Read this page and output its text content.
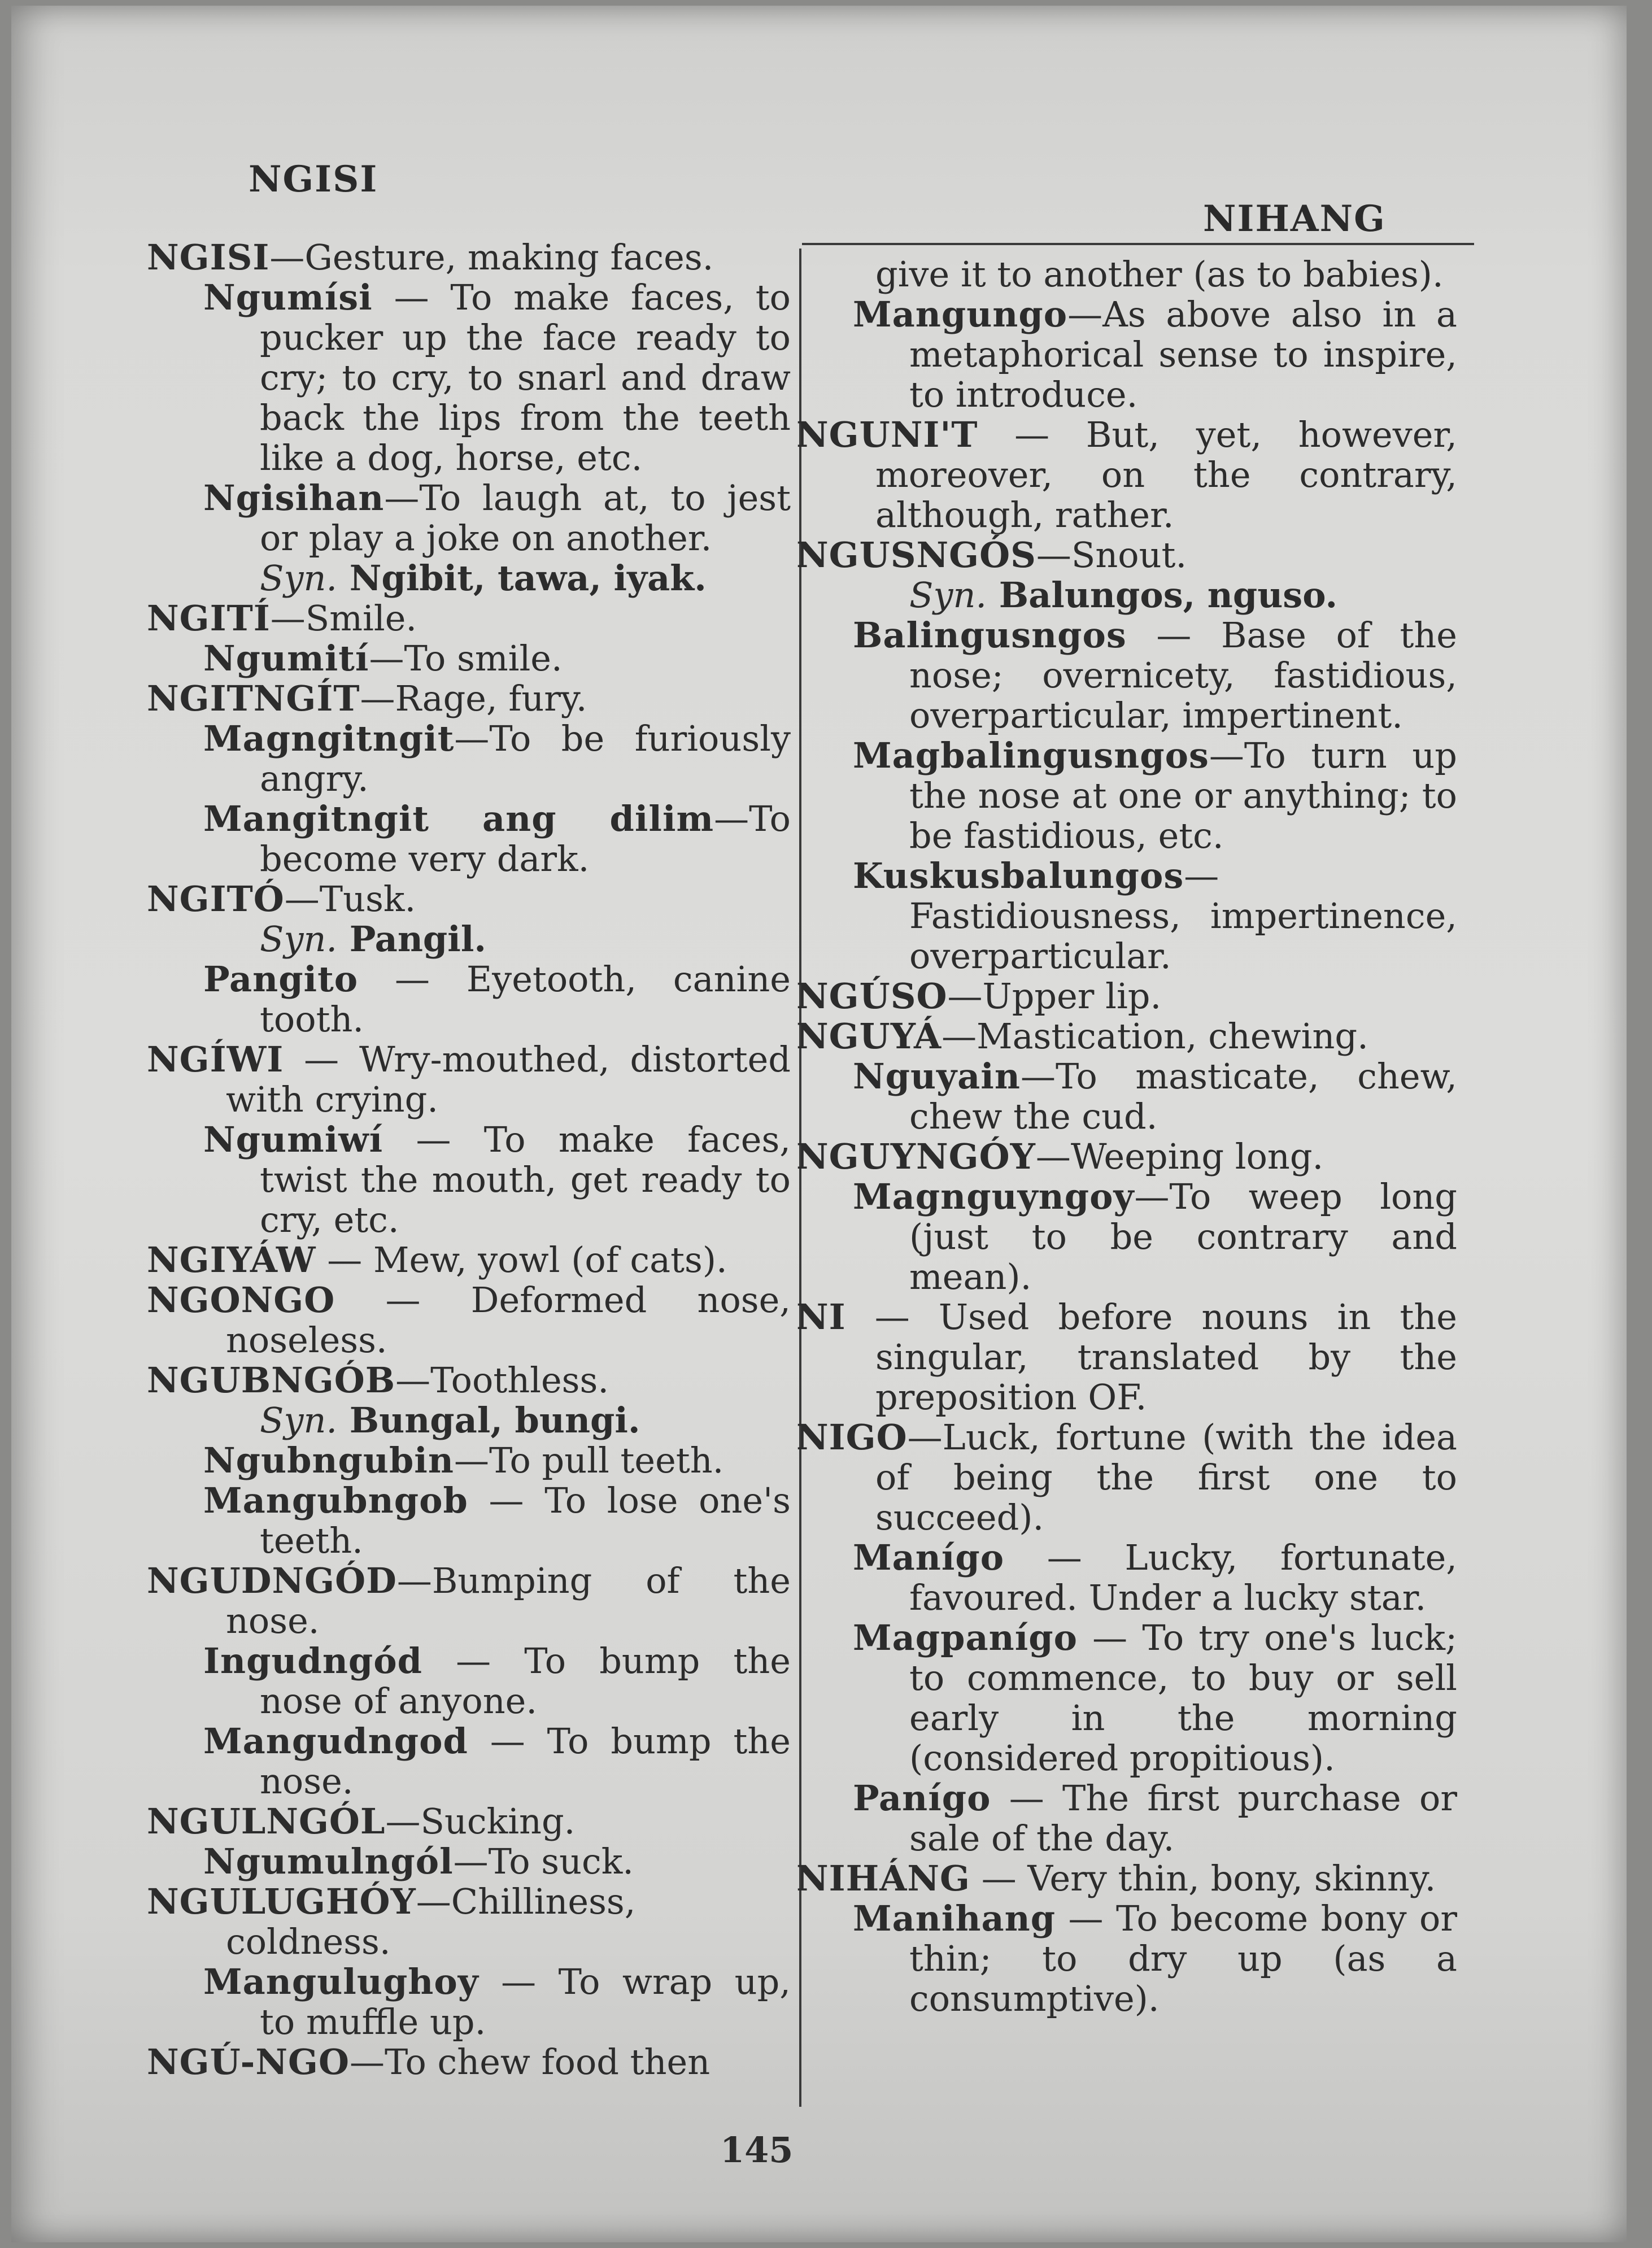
NGISI
NIHANG

NGISI—Gesture, making faces.

Ngumísi — To make faces, to pucker up the face ready to cry; to cry, to snarl and draw back the lips from the teeth like a dog, horse, etc.

Ngisihan—To laugh at, to jest or play a joke on another.

Syn. Ngibit, tawa, iyak.

NGITÍ—Smile.

Ngumití—To smile.

NGITNGÍT—Rage, fury.

Magngitngit—To be furiously angry.

Mangitngit ang dilim—To become very dark.

NGITÓ—Tusk.

Syn. Pangil.

Pangito — Eyetooth, canine tooth.

NGÍWI — Wry-mouthed, distorted with crying.

Ngumiwí — To make faces, twist the mouth, get ready to cry, etc.

NGIYÁW — Mew, yowl (of cats).

NGONGO — Deformed nose, noseless.

NGUBNGÓB—Toothless.

Syn. Bungal, bungi.

Ngubngubin—To pull teeth.

Mangubngob — To lose one's teeth.

NGUDNGÓD—Bumping of the nose.

Ingudngód — To bump the nose of anyone.

Mangudngod — To bump the nose.

NGULNGÓL—Sucking.

Ngumulngól—To suck.

NGULUGHÓY—Chilliness, coldness.

Mangulughoy — To wrap up, to muffle up.

NGÚ-NGO—To chew food then

give it to another (as to babies).

Mangungo—As above also in a metaphorical sense to inspire, to introduce.

NGUNI'T — But, yet, however, moreover, on the contrary, although, rather.

NGUSNGÓS—Snout.

Syn. Balungos, nguso.

Balingusngos — Base of the nose; overnicety, fastidious, overparticular, impertinent.

Magbalingusngos—To turn up the nose at one or anything; to be fastidious, etc.

Kuskusbalungos— Fastidiousness, impertinence, overparticular.

NGÚSO—Upper lip.

NGUYÁ—Mastication, chewing.

Nguyain—To masticate, chew, chew the cud.

NGUYNGÓY—Weeping long.

Magnguyngoy—To weep long (just to be contrary and mean).

NI — Used before nouns in the singular, translated by the preposition OF.

NIGO—Luck, fortune (with the idea of being the first one to succeed).

Manígo — Lucky, fortunate, favoured. Under a lucky star.

Magpanígo — To try one's luck; to commence, to buy or sell early in the morning (considered propitious).

Panígo — The first purchase or sale of the day.

NIHÁNG — Very thin, bony, skinny.

Manihang — To become bony or thin; to dry up (as a consumptive).

145
